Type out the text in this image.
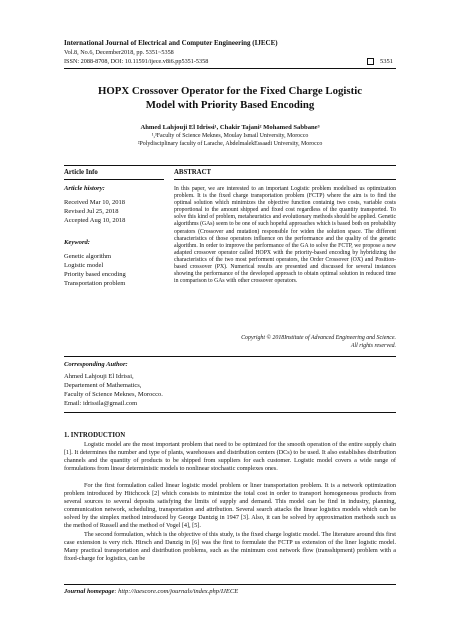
International Journal of Electrical and Computer Engineering (IJECE)
Vol.8, No.6, December2018, pp. 5351~5358
ISSN: 2088-8708, DOI: 10.11591/ijece.v8i6.pp5351-5358	5351
HOPX Crossover Operator for the Fixed Charge Logistic
Model with Priority Based Encoding
Ahmed Lahjouji El Idrissi¹, Chakir Tajani² Mohamed Sabbane³
¹,³Faculty of Science Meknes, Moulay Ismail University, Morocco
²Polydisciplinary faculty of Larache, AbdelmalekEssaadi University, Morocco
Article Info	ABSTRACT
Article history:
Received Mar 10, 2018
Revised Jul 25, 2018
Accepted Aug 10, 2018
Keyword:
Genetic algorithm
Logistic model
Priority based encoding
Transportation problem

In this paper, we are interested to an important Logistic problem modelised us optimization problem. It is the fixed charge transportation problem (FCTP) where the aim is to find the optimal solution which minimizes the objective function containig two costs, variable costs proportional to the amount shipped and fixed cost regardless of the quantity transported. To solve this kind of problem, metaheuristics and evolutionary methods should be applied. Genetic algorithms (GAs) seem to be one of such hopeful approaches which is based both on probability operators (Crossover and mutation) responsible for widen the solution space. The different characteristics of those operators influence on the performance and the quality of the genetic algorithm. In order to improve the performance of the GA to solve the FCTP, we propose a new adapted crossover operator called HOPX with the priority-based encoding by hybridizing the characteristics of the two most performent operators, the Order Crossover (OX) and Position-based crossover (PX). Numerical results are presented and discussed for several instances showing the performance of the developed approach to obtain optimal solution in reduced time in comparison to GAs with other crossover operators.

Copyright © 2018Institute of Advanced Engineering and Science.
All rights reserved.
Corresponding Author:
Ahmed Lahjouji El Idrissi,
Departement of Mathematics,
Faculty of Science Meknes, Morocco.
Email: idrissila@gmail.com
1. INTRODUCTION

Logistic model are the most important problem that need to be optimized for the smooth operation of the entire supply chain [1]. It determines the number and type of plants, warehouses and distribution centers (DCs) to be used. It also establishes distribution channels and the quantity of products to be shipped from suppliers for each customer. Logistic model covers a wide range of formulations from linear deterministic models to nonlinear stochastic complexes ones.

For the first formulation called linear logistic model problem or liner transportation problem. It is a network optimization problem introduced by Hitchcock [2] which consists to minimize the total cost in order to transport homogeneous products from several sources to several deposits satisfying the limits of supply and demand. This model can be find in industry, planning, communication network, scheduling, transportation and attribution. Several search attacks the linear logistics models which can be solved by the simplex method introduced by George Dantzig in 1947 [3]. Also, it can be solved by approximation methods such us the method of Russell and the method of Vogel [4], [5].

The second formulation, which is the objective of this study, is the fixed charge logistic model. The literature around this first case extension is very rich. Hirsch and Danzig in [6] was the first to formulate the FCTP us extension of the liner logistic model. Many practical transportation and distribution problems, such as the minimum cost network flow (transshipment) problem with a fixed-charge for logistics, can be

Journal homepage: http://iaescore.com/journals/index.php/IJECE
